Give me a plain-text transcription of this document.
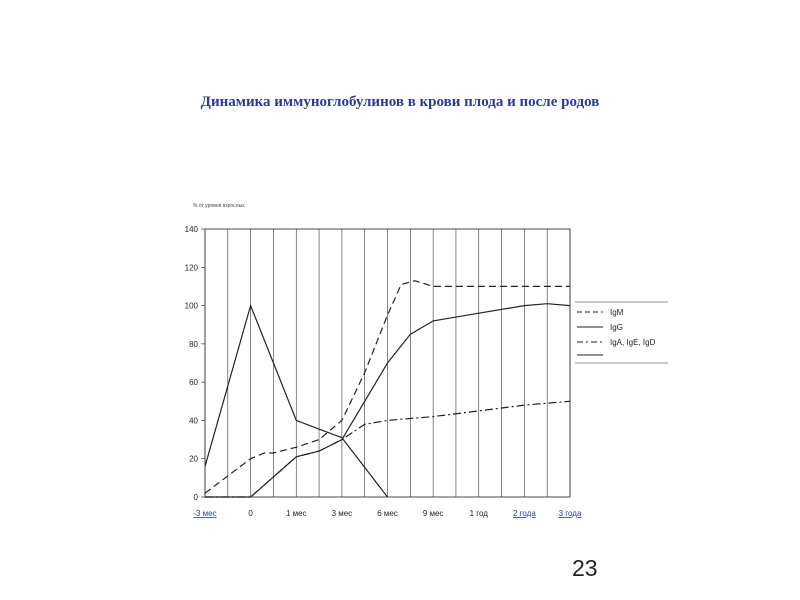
Динамика иммуноглобулинов в крови плода и после родов
% от уровня взрослых
0
20
40
60
80
100
120
140
-3 мес	0	1 мес	3 мес	6 мес	9 мес	1 год	2 года	3 года
IgM
IgG
IgA, IgE, IgD
23
